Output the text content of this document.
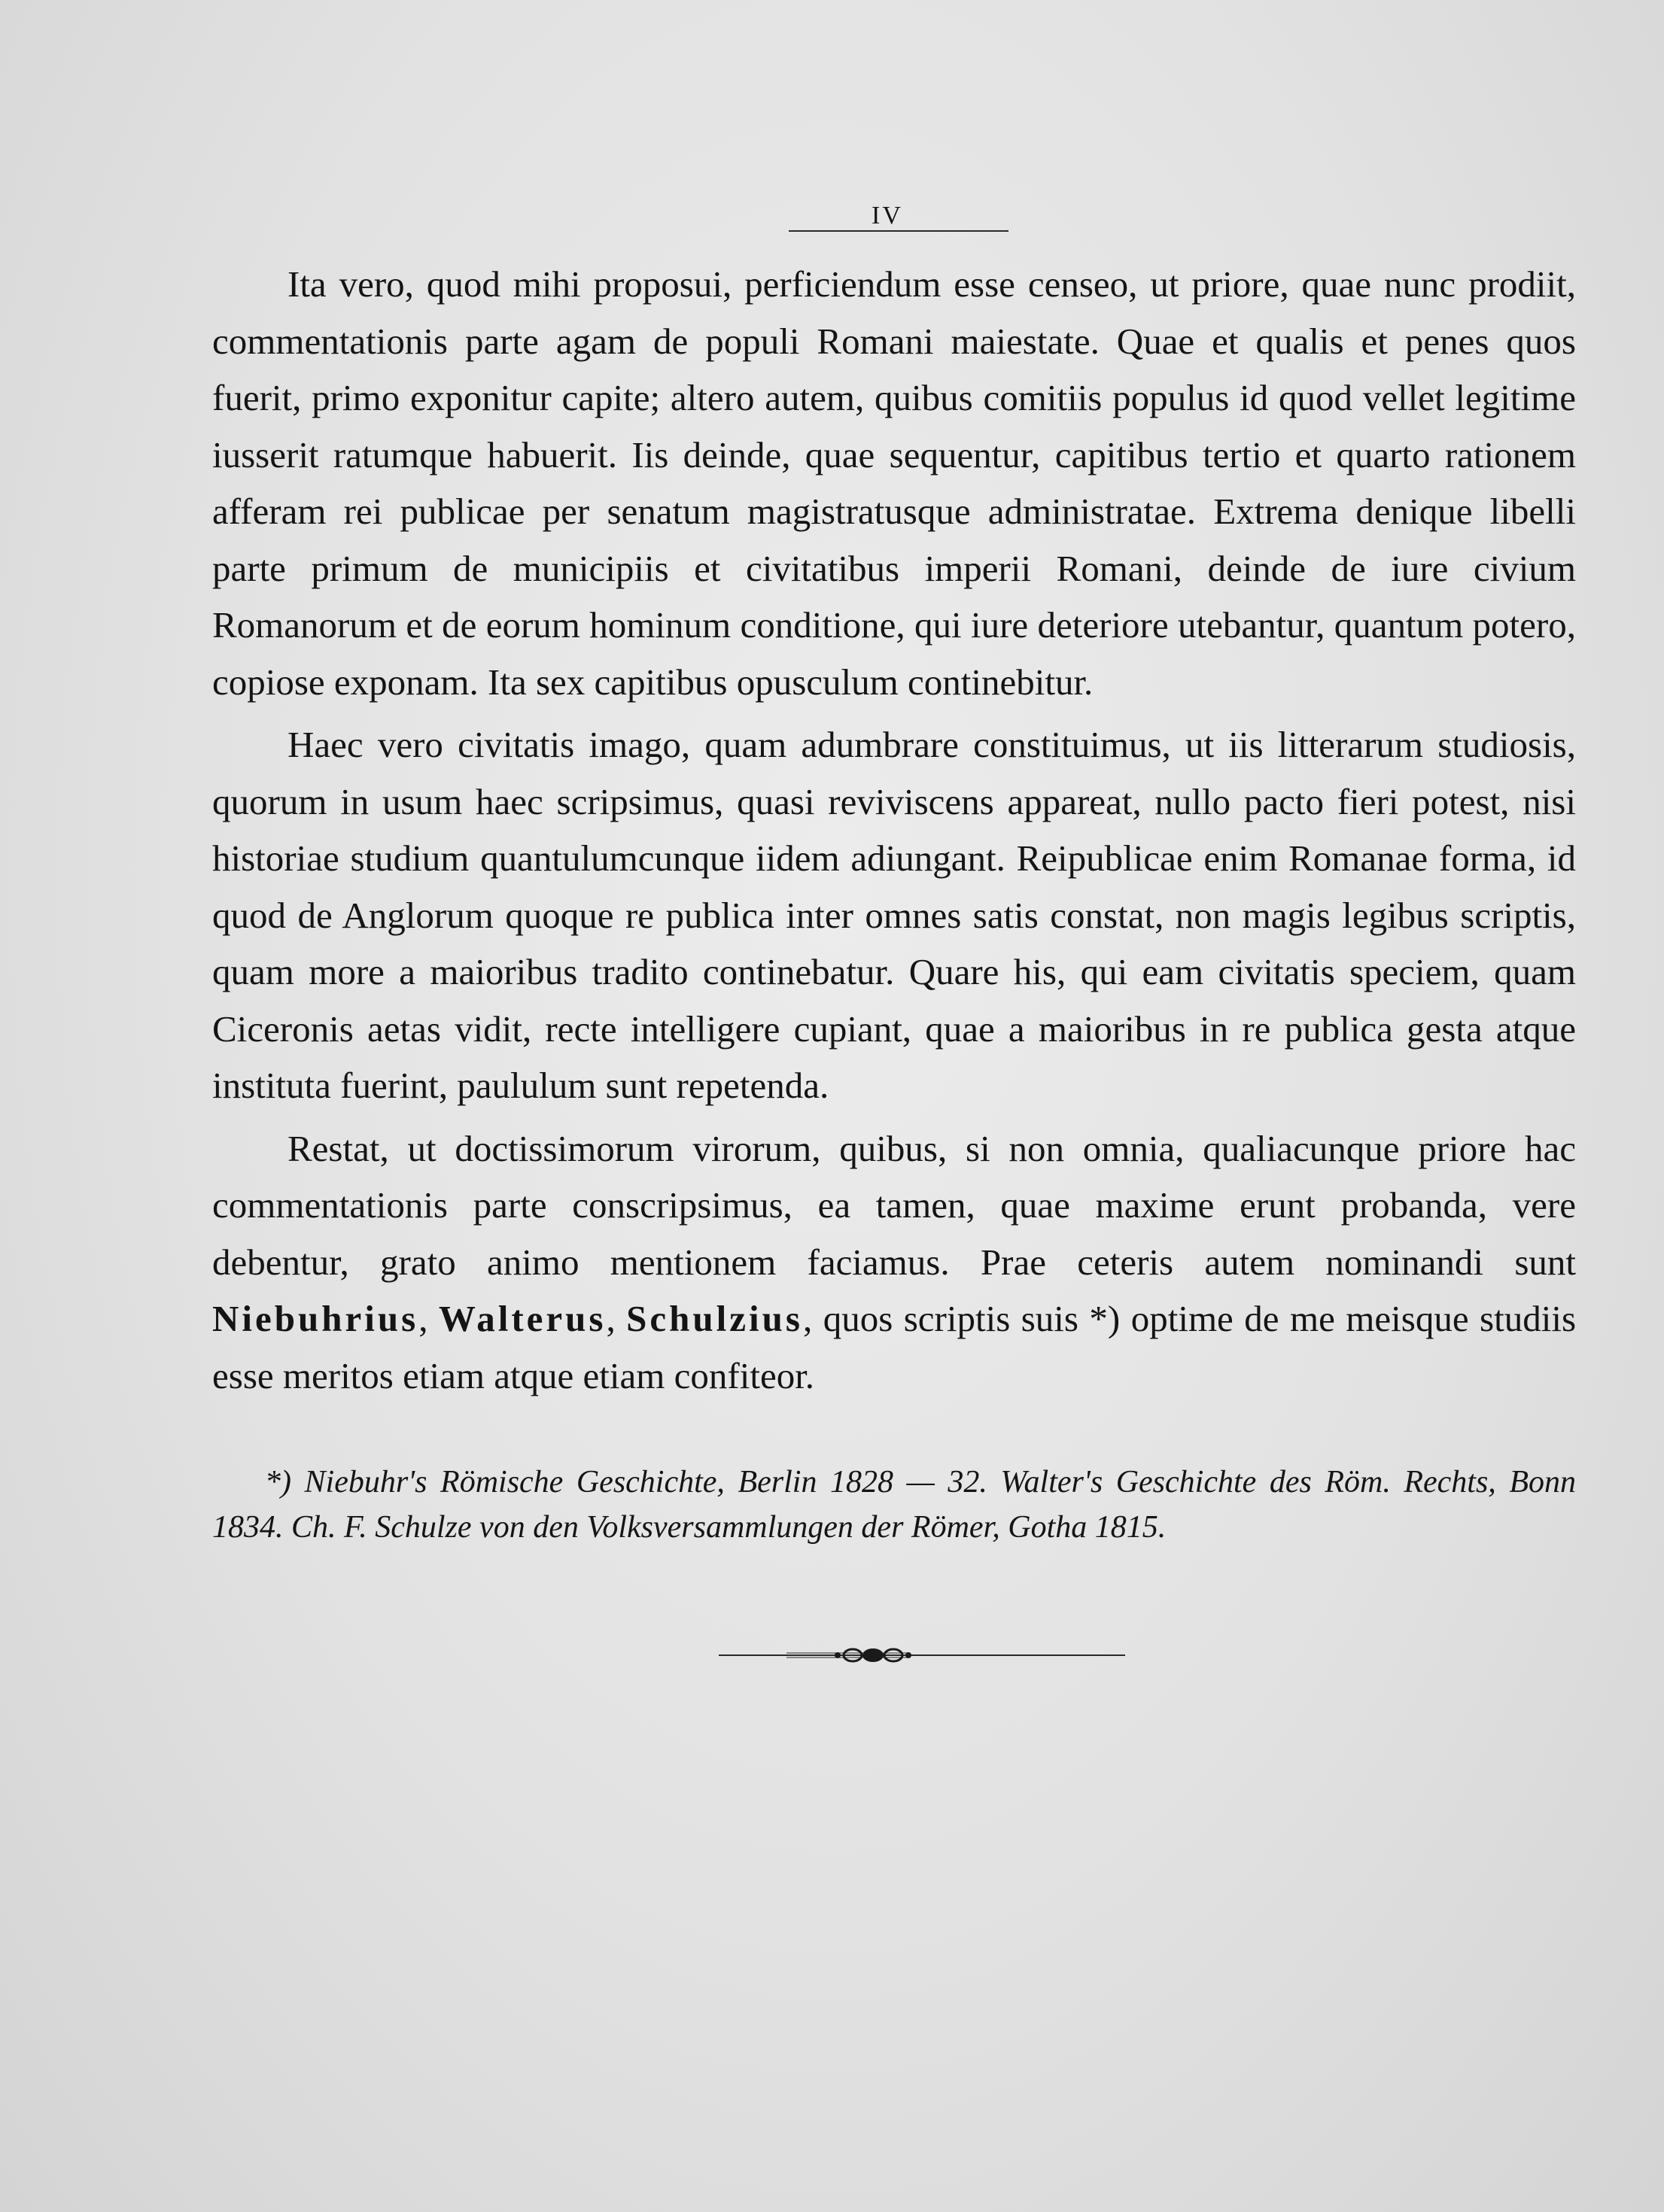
IV

Ita vero, quod mihi proposui, perficiendum esse censeo, ut priore, quae nunc prodiit, commentationis parte agam de populi Romani maiestate. Quae et qualis et penes quos fuerit, primo exponitur capite; altero autem, quibus comitiis populus id quod vellet legitime iusserit ratumque habuerit. Iis deinde, quae sequentur, capitibus tertio et quarto rationem afferam rei publicae per senatum magistratusque administratae. Extrema denique libelli parte primum de municipiis et civitatibus imperii Romani, deinde de iure civium Romanorum et de eorum hominum conditione, qui iure deteriore utebantur, quantum potero, copiose exponam. Ita sex capitibus opusculum continebitur.

Haec vero civitatis imago, quam adumbrare constituimus, ut iis litterarum studiosis, quorum in usum haec scripsimus, quasi reviviscens appareat, nullo pacto fieri potest, nisi historiae studium quantulumcunque iidem adiungant. Reipublicae enim Romanae forma, id quod de Anglorum quoque re publica inter omnes satis constat, non magis legibus scriptis, quam more a maioribus tradito continebatur. Quare his, qui eam civitatis speciem, quam Ciceronis aetas vidit, recte intelligere cupiant, quae a maioribus in re publica gesta atque instituta fuerint, paululum sunt repetenda.

Restat, ut doctissimorum virorum, quibus, si non omnia, qualiacunque priore hac commentationis parte conscripsimus, ea tamen, quae maxime erunt probanda, vere debentur, grato animo mentionem faciamus. Prae ceteris autem nominandi sunt Niebuhrius, Walterus, Schulzius, quos scriptis suis *) optime de me meisque studiis esse meritos etiam atque etiam confiteor.

*) Niebuhr's Römische Geschichte, Berlin 1828 — 32. Walter's Geschichte des Röm. Rechts, Bonn 1834. Ch. F. Schulze von den Volksversammlungen der Römer, Gotha 1815.
